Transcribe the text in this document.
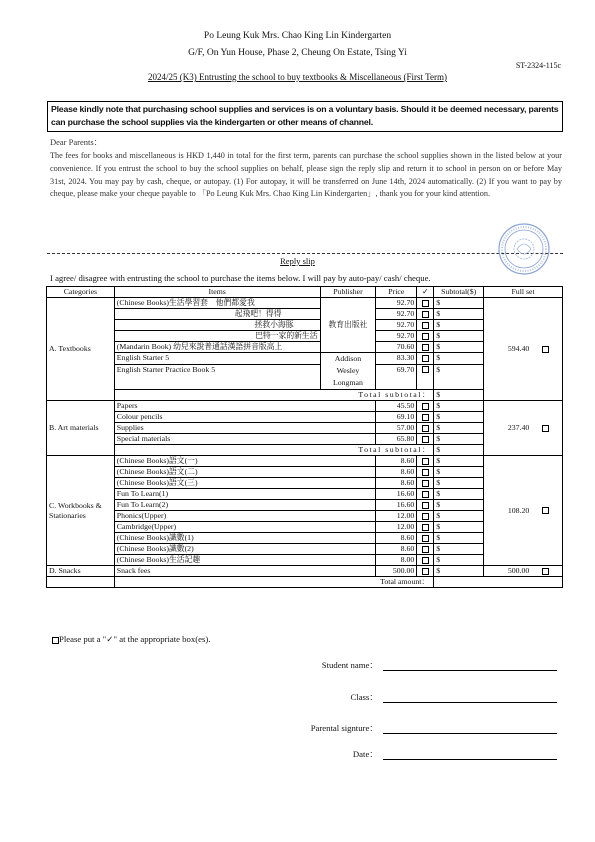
Po Leung Kuk Mrs. Chao King Lin Kindergarten
G/F, On Yun House, Phase 2, Cheung On Estate, Tsing Yi
ST-2324-115c
2024/25 (K3) Entrusting the school to buy textbooks & Miscellaneous (First Term)
Please kindly note that purchasing school supplies and services is on a voluntary basis. Should it be deemed necessary, parents can purchase the school supplies via the kindergarten or other means of channel.
Dear Parents：
The fees for books and miscellaneous is HKD 1,440 in total for the first term, parents can purchase the school supplies shown in the listed below at your convenience. If you entrust the school to buy the school supplies on behalf, please sign the reply slip and return it to school in person on or before May 31st, 2024. You may pay by cash, cheque, or autopay. (1) For autopay, it will be transferred on June 14th, 2024 automatically. (2) If you want to pay by cheque, please make your cheque payable to 「Po Leung Kuk Mrs. Chao King Lin Kindergarten」, thank you for your kind attention.
Reply slip
I agree/ disagree with entrusting the school to purchase the items below. I will pay by auto-pay/ cash/ cheque.
Categories	Items	Publisher	Price	✓	Subtotal($)	Full set
A. Textbooks	(Chinese Books)生活學習套 他們都愛我	教育出版社	92.70		$	594.40
	起飛吧！得得		92.70		$	
	拯救小海豚		92.70		$	
	巴特一家的新生活		92.70		$	
	(Mandarin Book) 幼兒來說普通話漢語拼音版高上		70.60		$	
	English Starter 5	Addison Wesley Longman	83.30		$	
	English Starter Practice Book 5		69.70		$	
	Total subtotal：				$	
B. Art materials	Papers		45.50		$	237.40
	Colour pencils		69.10		$	
	Supplies		57.00		$	
	Special materials		65.80		$	
	Total subtotal：				$	
C. Workbooks & Stationaries	(Chinese Books)語文(一)		8.60		$	108.20
	(Chinese Books)語文(二)		8.60		$	
	(Chinese Books)語文(三)		8.60		$	
	Fun To Learn(1)		16.60		$	
	Fun To Learn(2)		16.60		$	
	Phonics(Upper)		12.00		$	
	Cambridge(Upper)		12.00		$	
	(Chinese Books)識數(1)		8.60		$	
	(Chinese Books)識數(2)		8.60		$	
	(Chinese Books)生活記趣		8.00		$	
D. Snacks	Snack fees		500.00		$	500.00
	Total amount：					
Please put a "✓" at the appropriate box(es).
Student name：
Class：
Parental signture：
Date：
